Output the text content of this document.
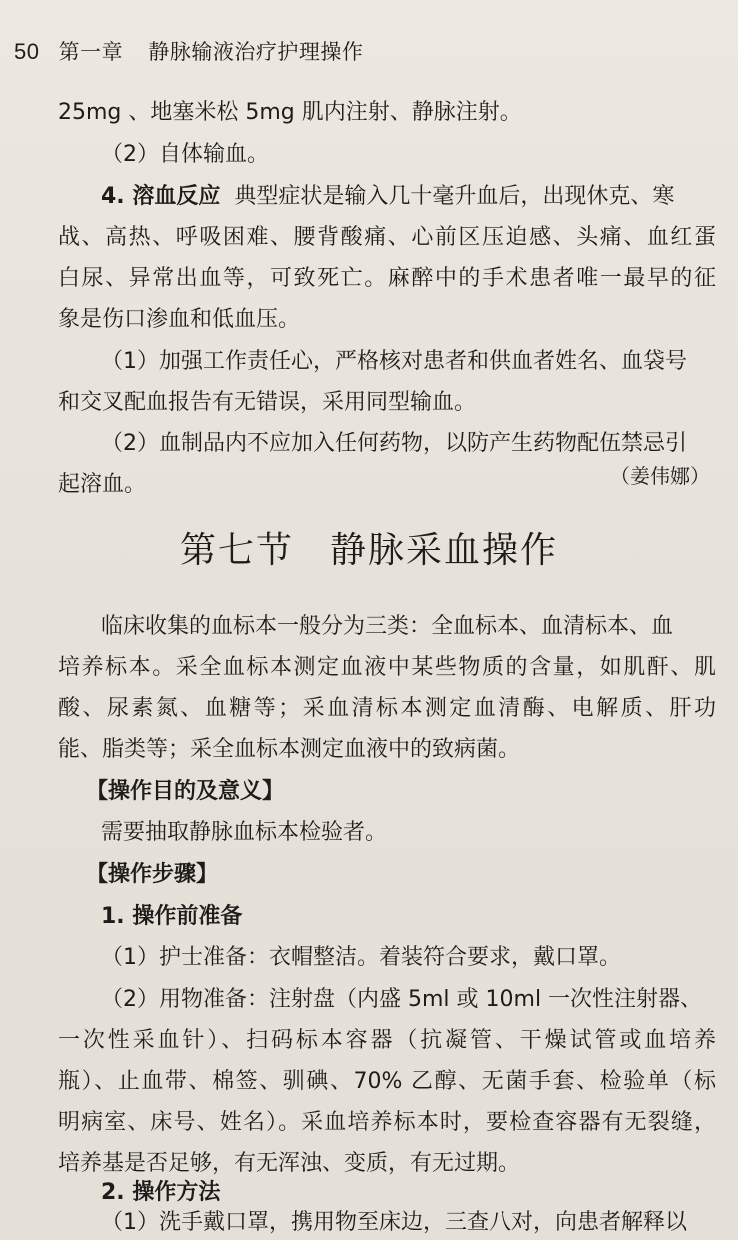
50 第一章 静脉输液治疗护理操作
25mg 、地塞米松 5mg 肌内注射、静脉注射。
（2）自体输血。
4. 溶血反应 典型症状是输入几十毫升血后，出现休克、寒
战、高热、呼吸困难、腰背酸痛、心前区压迫感、头痛、血红蛋
白尿、异常出血等，可致死亡。麻醉中的手术患者唯一最早的征
象是伤口渗血和低血压。
（1）加强工作责任心，严格核对患者和供血者姓名、血袋号
和交叉配血报告有无错误，采用同型输血。
（2）血制品内不应加入任何药物，以防产生药物配伍禁忌引
起溶血。	（姜伟娜）
第七节 静脉采血操作
临床收集的血标本一般分为三类：全血标本、血清标本、血
培养标本。采全血标本测定血液中某些物质的含量，如肌酐、肌
酸、尿素氮、血糖等；采血清标本测定血清酶、电解质、肝功
能、脂类等；采全血标本测定血液中的致病菌。
【操作目的及意义】
需要抽取静脉血标本检验者。
【操作步骤】
1. 操作前准备
（1）护士准备：衣帽整洁。着装符合要求，戴口罩。
（2）用物准备：注射盘（内盛 5ml 或 10ml 一次性注射器、
一次性采血针）、扫码标本容器（抗凝管、干燥试管或血培养
瓶）、止血带、棉签、驯碘、70% 乙醇、无菌手套、检验单（标
明病室、床号、姓名）。采血培养标本时，要检查容器有无裂缝，
培养基是否足够，有无浑浊、变质，有无过期。
2. 操作方法
（1）洗手戴口罩，携用物至床边，三查八对，向患者解释以
